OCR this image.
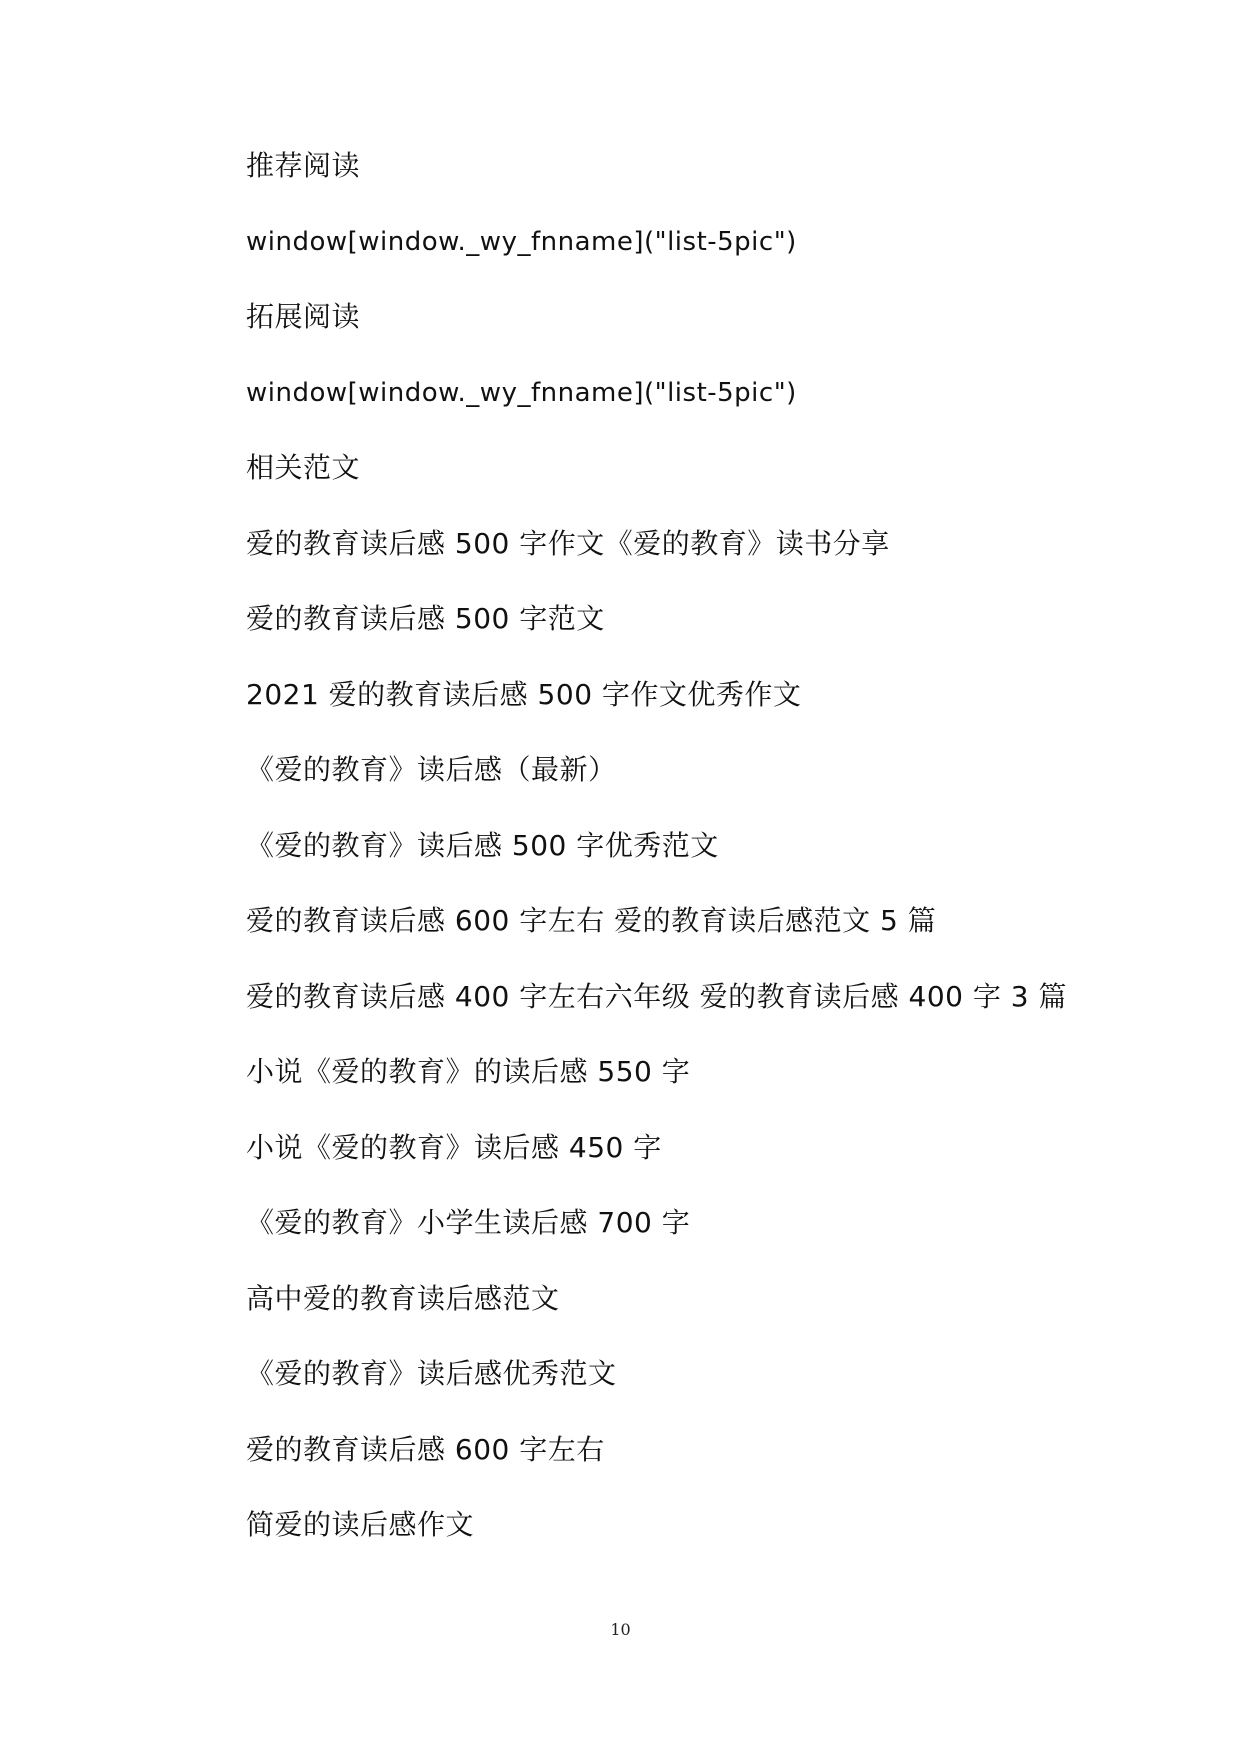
推荐阅读
window[window._wy_fnname]("list-5pic")
拓展阅读
window[window._wy_fnname]("list-5pic")
相关范文
爱的教育读后感 500 字作文《爱的教育》读书分享
爱的教育读后感 500 字范文
2021 爱的教育读后感 500 字作文优秀作文
《爱的教育》读后感（最新）
《爱的教育》读后感 500 字优秀范文
爱的教育读后感 600 字左右 爱的教育读后感范文 5 篇
爱的教育读后感 400 字左右六年级 爱的教育读后感 400 字 3 篇
小说《爱的教育》的读后感 550 字
小说《爱的教育》读后感 450 字
《爱的教育》小学生读后感 700 字
高中爱的教育读后感范文
《爱的教育》读后感优秀范文
爱的教育读后感 600 字左右
简爱的读后感作文
10
